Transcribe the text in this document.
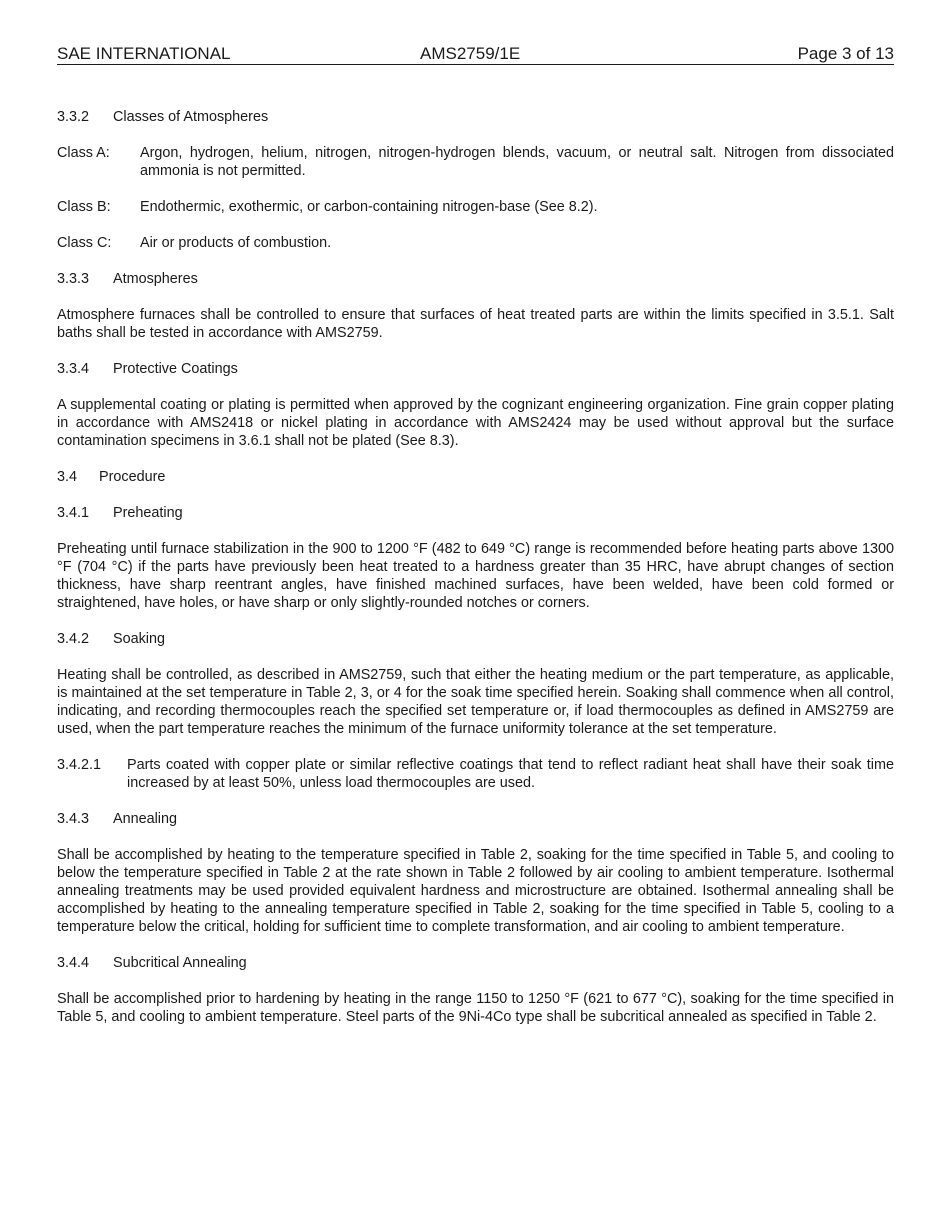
SAE INTERNATIONAL	AMS2759/1E	Page 3 of 13
3.3.2 Classes of Atmospheres
Class A:	Argon, hydrogen, helium, nitrogen, nitrogen-hydrogen blends, vacuum, or neutral salt. Nitrogen from dissociated ammonia is not permitted.
Class B:	Endothermic, exothermic, or carbon-containing nitrogen-base (See 8.2).
Class C:	Air or products of combustion.
3.3.3 Atmospheres
Atmosphere furnaces shall be controlled to ensure that surfaces of heat treated parts are within the limits specified in 3.5.1. Salt baths shall be tested in accordance with AMS2759.
3.3.4 Protective Coatings
A supplemental coating or plating is permitted when approved by the cognizant engineering organization. Fine grain copper plating in accordance with AMS2418 or nickel plating in accordance with AMS2424 may be used without approval but the surface contamination specimens in 3.6.1 shall not be plated (See 8.3).
3.4 Procedure
3.4.1 Preheating
Preheating until furnace stabilization in the 900 to 1200 °F (482 to 649 °C) range is recommended before heating parts above 1300 °F (704 °C) if the parts have previously been heat treated to a hardness greater than 35 HRC, have abrupt changes of section thickness, have sharp reentrant angles, have finished machined surfaces, have been welded, have been cold formed or straightened, have holes, or have sharp or only slightly-rounded notches or corners.
3.4.2 Soaking
Heating shall be controlled, as described in AMS2759, such that either the heating medium or the part temperature, as applicable, is maintained at the set temperature in Table 2, 3, or 4 for the soak time specified herein. Soaking shall commence when all control, indicating, and recording thermocouples reach the specified set temperature or, if load thermocouples as defined in AMS2759 are used, when the part temperature reaches the minimum of the furnace uniformity tolerance at the set temperature.
3.4.2.1	Parts coated with copper plate or similar reflective coatings that tend to reflect radiant heat shall have their soak time increased by at least 50%, unless load thermocouples are used.
3.4.3 Annealing
Shall be accomplished by heating to the temperature specified in Table 2, soaking for the time specified in Table 5, and cooling to below the temperature specified in Table 2 at the rate shown in Table 2 followed by air cooling to ambient temperature. Isothermal annealing treatments may be used provided equivalent hardness and microstructure are obtained. Isothermal annealing shall be accomplished by heating to the annealing temperature specified in Table 2, soaking for the time specified in Table 5, cooling to a temperature below the critical, holding for sufficient time to complete transformation, and air cooling to ambient temperature.
3.4.4 Subcritical Annealing
Shall be accomplished prior to hardening by heating in the range 1150 to 1250 °F (621 to 677 °C), soaking for the time specified in Table 5, and cooling to ambient temperature. Steel parts of the 9Ni-4Co type shall be subcritical annealed as specified in Table 2.
